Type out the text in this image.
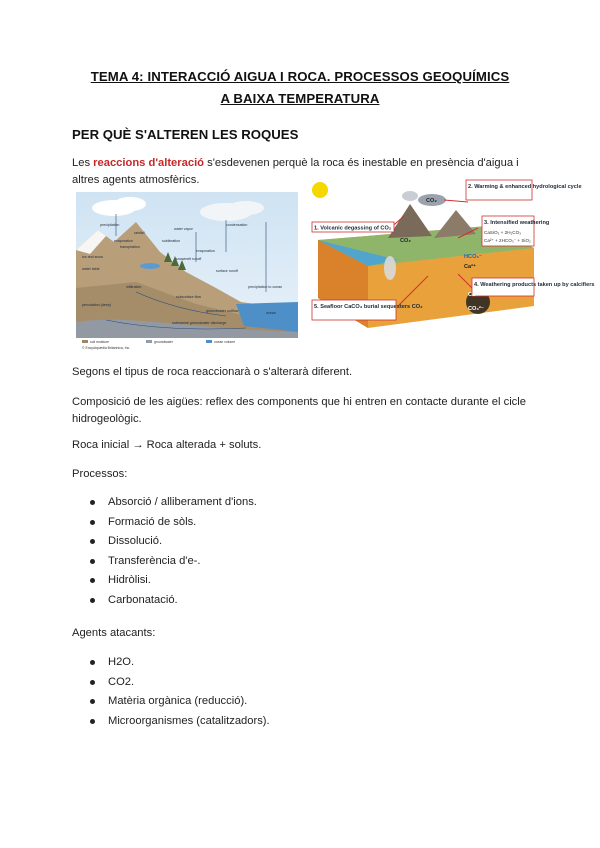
TEMA 4: INTERACCIÓ AIGUA I ROCA. PROCESSOS GEOQUÍMICS
A BAIXA TEMPERATURA
PER QUÈ S'ALTEREN LES ROQUES
Les reaccions d'alteració s'esdevenen perquè la roca és inestable en presència d'aigua i
altres agents atmosfèrics.
precipitation	condensation
evaporation	sublimation
transpiration
evaporation
snowmelt runoff
surface runoff
infiltration
water table
subsurface flow
groundwater outflow
percolation (deep)
ocean
precipitation to ocean
ice and snow
water vapor
rainfall
submarine groundwater discharge
soil moisture	groundwater	ocean volume
© Encyclopædia Britannica, Inc.
1. Volcanic degassing of CO₂
2. Warming & enhanced hydrological cycle
3. Intensified weathering
4. Weathering products taken up by calcifiers
5. Seafloor CaCO₃ burial sequesters CO₂
CaSiO₃ + 2H₂CO₃
Ca²⁺ + 2HCO₃⁻ + SiO₂
CO₂
CO₂
HCO₃⁻
Ca²⁺
Ca²⁺
CO₃²⁻
Segons el tipus de roca reaccionarà o s'alterarà diferent.
Composició de les aigües: reflex des components que hi entren en contacte durante el cicle
hidrogeològic.
Roca inicial → Roca alterada + soluts.
Processos:
Absorció / alliberament d'ions.
Formació de sòls.
Dissolució.
Transferència d'e-.
Hidròlisi.
Carbonatació.
Agents atacants:
H2O.
CO2.
Matèria orgànica (reducció).
Microorganismes (catalitzadors).
